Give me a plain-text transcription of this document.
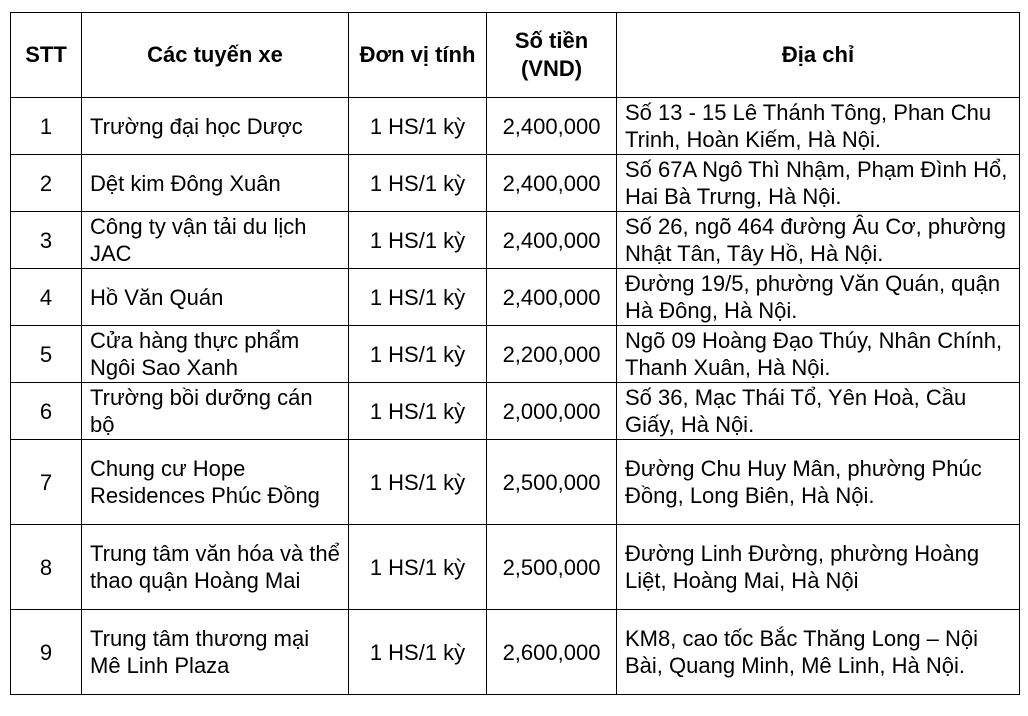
STT	Các tuyến xe	Đơn vị tính	Số tiền (VND)	Địa chỉ
1	Trường đại học Dược	1 HS/1 kỳ	2,400,000	Số 13 - 15 Lê Thánh Tông, Phan Chu Trinh, Hoàn Kiếm, Hà Nội.
2	Dệt kim Đông Xuân	1 HS/1 kỳ	2,400,000	Số 67A Ngô Thì Nhậm, Phạm Đình Hổ, Hai Bà Trưng, Hà Nội.
3	Công ty vận tải du lịch JAC	1 HS/1 kỳ	2,400,000	Số 26, ngõ 464 đường Âu Cơ, phường Nhật Tân, Tây Hồ, Hà Nội.
4	Hồ Văn Quán	1 HS/1 kỳ	2,400,000	Đường 19/5, phường Văn Quán, quận Hà Đông, Hà Nội.
5	Cửa hàng thực phẩm Ngôi Sao Xanh	1 HS/1 kỳ	2,200,000	Ngõ 09 Hoàng Đạo Thúy, Nhân Chính, Thanh Xuân, Hà Nội.
6	Trường bồi dưỡng cán bộ	1 HS/1 kỳ	2,000,000	Số 36, Mạc Thái Tổ, Yên Hoà, Cầu Giấy, Hà Nội.
7	Chung cư Hope Residences Phúc Đồng	1 HS/1 kỳ	2,500,000	Đường Chu Huy Mân, phường Phúc Đồng, Long Biên, Hà Nội.
8	Trung tâm văn hóa và thể thao quận Hoàng Mai	1 HS/1 kỳ	2,500,000	Đường Linh Đường, phường Hoàng Liệt, Hoàng Mai, Hà Nội
9	Trung tâm thương mại Mê Linh Plaza	1 HS/1 kỳ	2,600,000	KM8, cao tốc Bắc Thăng Long – Nội Bài, Quang Minh, Mê Linh, Hà Nội.
